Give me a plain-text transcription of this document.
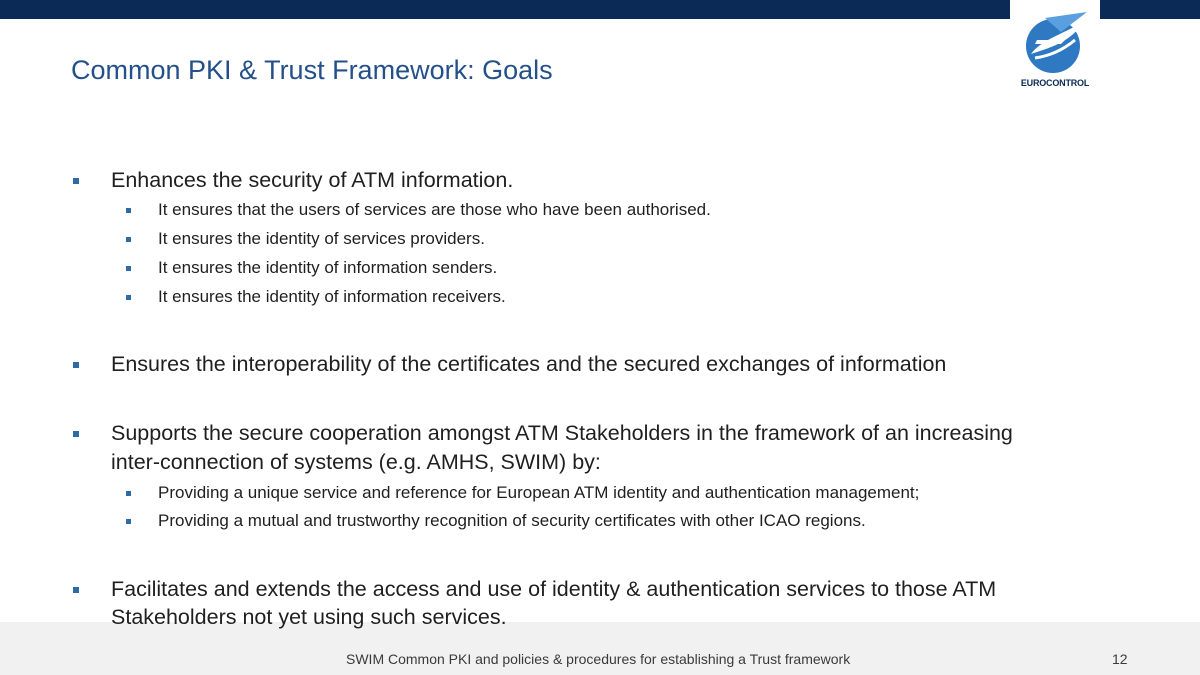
EUROCONTROL
Common PKI & Trust Framework: Goals
Enhances the security of ATM information.
It ensures that the users of services are those who have been authorised.
It ensures the identity of services providers.
It ensures the identity of information senders.
It ensures the identity of information receivers.
Ensures the interoperability of the certificates and the secured exchanges of information
Supports the secure cooperation amongst ATM Stakeholders in the framework of an increasing
inter-connection of systems (e.g. AMHS, SWIM) by:
Providing a unique service and reference for European ATM identity and authentication management;
Providing a mutual and trustworthy recognition of security certificates with other ICAO regions.
Facilitates and extends the access and use of identity & authentication services to those ATM
Stakeholders not yet using such services.
SWIM Common PKI and policies & procedures for establishing a Trust framework	12
